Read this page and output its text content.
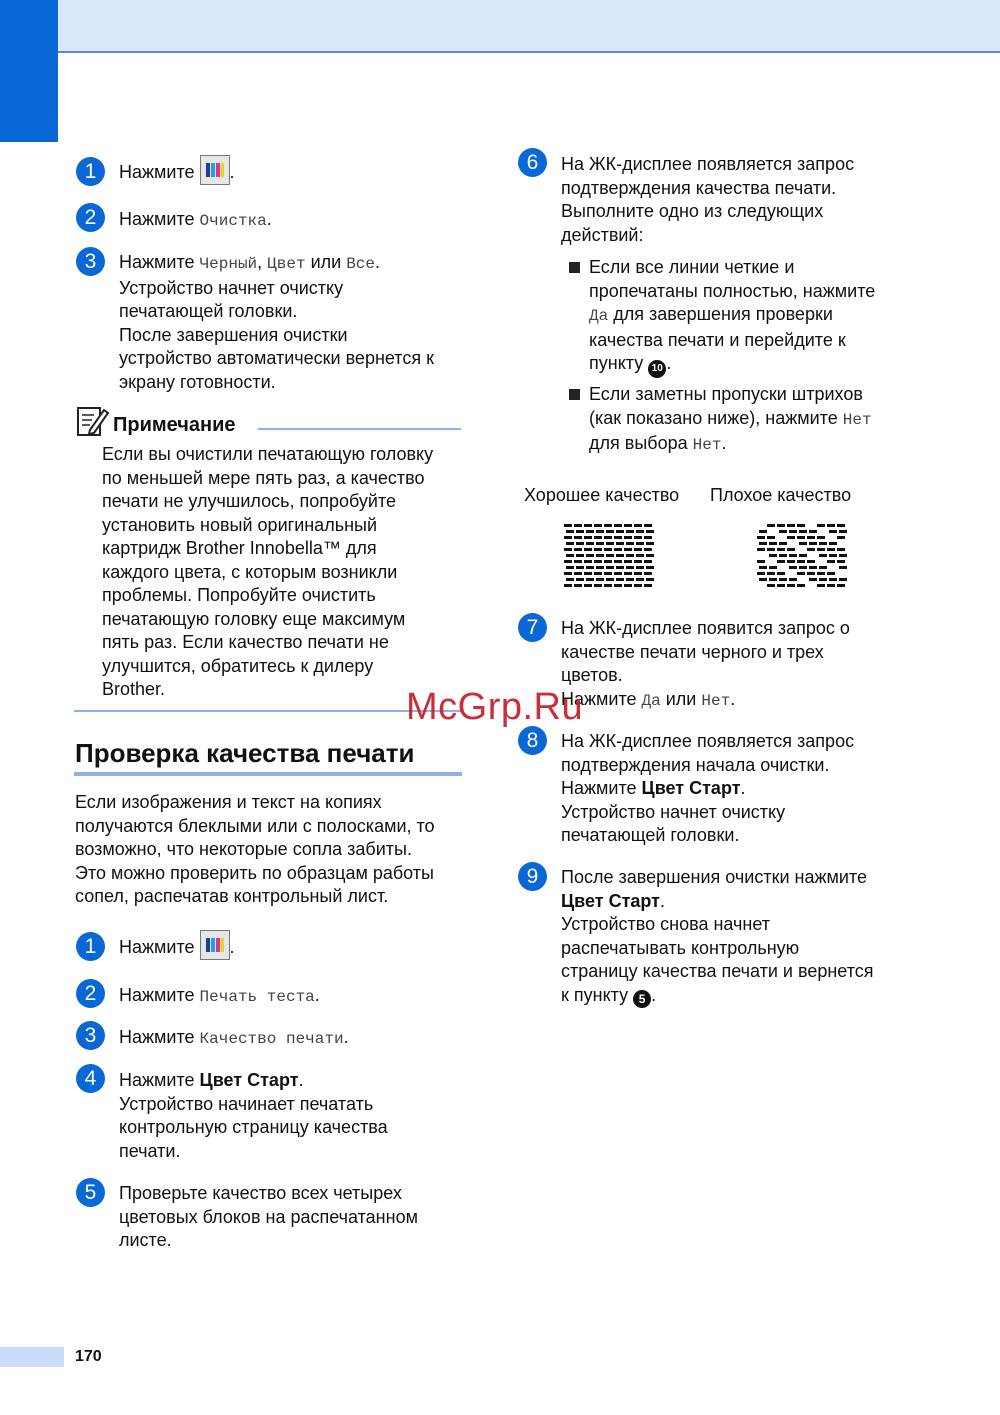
170
1	Нажмите
.
2	Нажмите Очистка.
3	Нажмите Черный, Цвет или Все.
Устройство начнет очистку
печатающей головки.
После завершения очистки
устройство автоматически вернется к
экрану готовности.
Примечание
Если вы очистили печатающую головку
по меньшей мере пять раз, а качество
печати не улучшилось, попробуйте
установить новый оригинальный
картридж Brother Innobella™ для
каждого цвета, с которым возникли
проблемы. Попробуйте очистить
печатающую головку еще максимум
пять раз. Если качество печати не
улучшится, обратитесь к дилеру
Brother.
Проверка качества печати
Если изображения и текст на копиях
получаются блеклыми или с полосками, то
возможно, что некоторые сопла забиты.
Это можно проверить по образцам работы
сопел, распечатав контрольный лист.
1	Нажмите
.
2	Нажмите Печать теста.
3	Нажмите Качество печати.
4	Нажмите Цвет Старт.
Устройство начинает печатать
контрольную страницу качества
печати.
5	Проверьте качество всех четырех
цветовых блоков на распечатанном
листе.
6	На ЖК-дисплее появляется запрос
подтверждения качества печати.
Выполните одно из следующих
действий:
Если все линии четкие и
пропечатаны полностью, нажмите
Да для завершения проверки
качества печати и перейдите к
пункту 10 .
Если заметны пропуски штрихов
(как показано ниже), нажмите Нет
для выбора Нет.
Хорошее качество Плохое качество
7	На ЖК-дисплее появится запрос о
качестве печати черного и трех
цветов.
Нажмите Да или Нет.
8	На ЖК-дисплее появляется запрос
подтверждения начала очистки.
Нажмите Цвет Старт.
Устройство начнет очистку
печатающей головки.
9	После завершения очистки нажмите
Цвет Старт.
Устройство снова начнет
распечатывать контрольную
страницу качества печати и вернется
к пункту 5 .
McGrp.Ru
